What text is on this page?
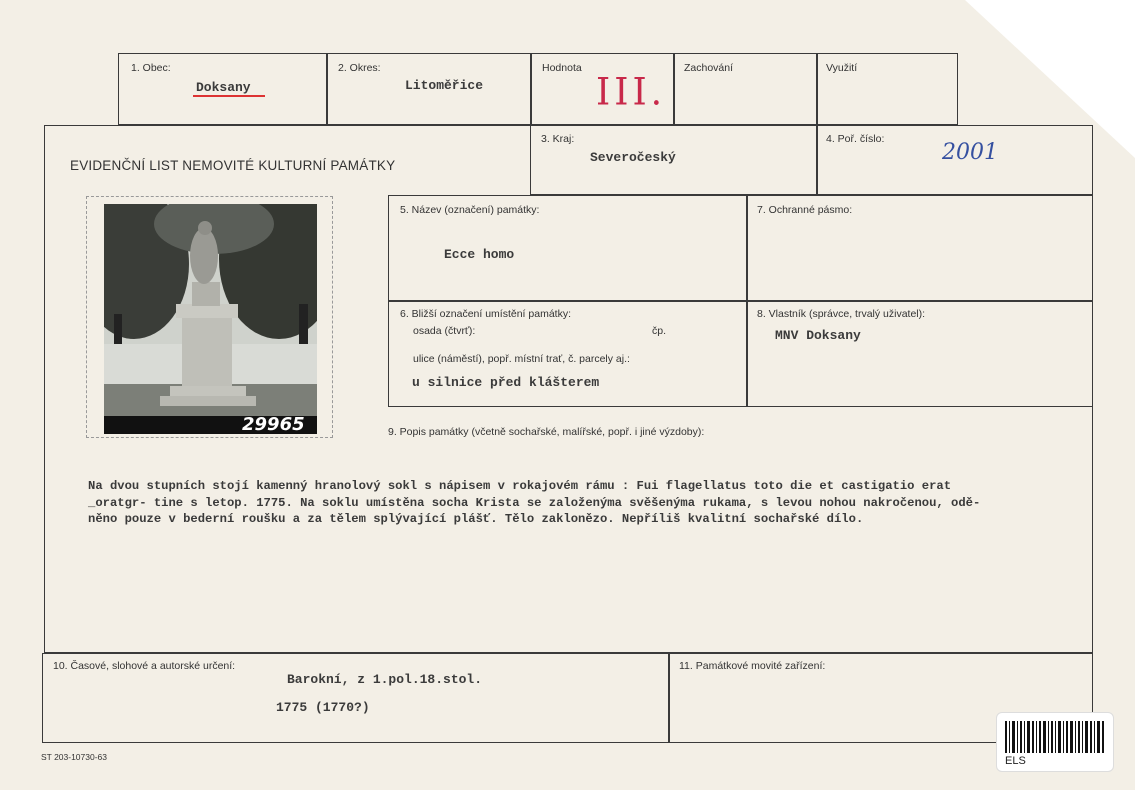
1. Obec:
Doksany
2. Okres:
Litoměřice
Hodnota
III.
Zachování	Využití
EVIDENČNÍ LIST NEMOVITÉ KULTURNÍ PAMÁTKY
3. Kraj:
Severočeský
4. Poř. číslo:
2001
29965
5. Název (označení) památky:
Ecce homo
7. Ochranné pásmo:
6. Bližší označení umístění památky:
osada (čtvrť):	čp.
ulice (náměstí), popř. místní trať, č. parcely aj.:
u silnice před klášterem
8. Vlastník (správce, trvalý uživatel):
MNV Doksany
9. Popis památky (včetně sochařské, malířské, popř. i jiné výzdoby):
Na dvou stupních stojí kamenný hranolový sokl s nápisem v rokajovém rámu : Fui flagellatus toto die et castigatio erat
_oratgr- tine s letop. 1775. Na soklu umístěna socha Krista se založenýma svěšenýma rukama, s levou nohou nakročenou, odě-
něno pouze v bederní roušku a za tělem splývající plášť. Tělo zaklonězo. Nepříliš kvalitní sochařské dílo.
10. Časové, slohové a autorské určení:
Barokní, z 1.pol.18.stol.
1775 (1770?)
11. Památkové movité zařízení:
ST 203-10730-63	ELS
